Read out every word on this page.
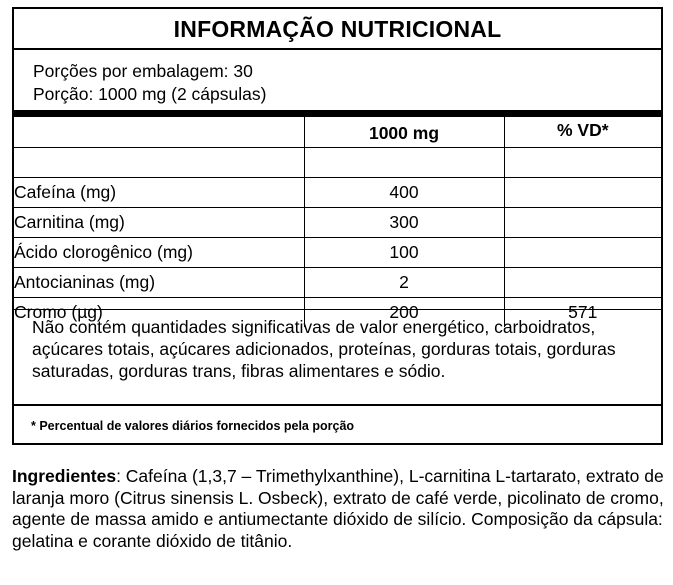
INFORMAÇÃO NUTRICIONAL
Porções por embalagem: 30
Porção: 1000 mg (2 cápsulas)
	1000 mg	% VD*

Cafeína (mg)	400	
Carnitina (mg)	300	
Ácido clorogênico (mg)	100	
Antocianinas (mg)	2	
Cromo (µg)	200	571
Não contém quantidades significativas de valor energético, carboidratos, açúcares totais, açúcares adicionados, proteínas, gorduras totais, gorduras saturadas, gorduras trans, fibras alimentares e sódio.
* Percentual de valores diários fornecidos pela porção
Ingredientes: Cafeína (1,3,7 – Trimethylxanthine), L-carnitina L-tartarato, extrato de laranja moro (Citrus sinensis L. Osbeck), extrato de café verde, picolinato de cromo, agente de massa amido e antiumectante dióxido de silício. Composição da cápsula: gelatina e corante dióxido de titânio.
